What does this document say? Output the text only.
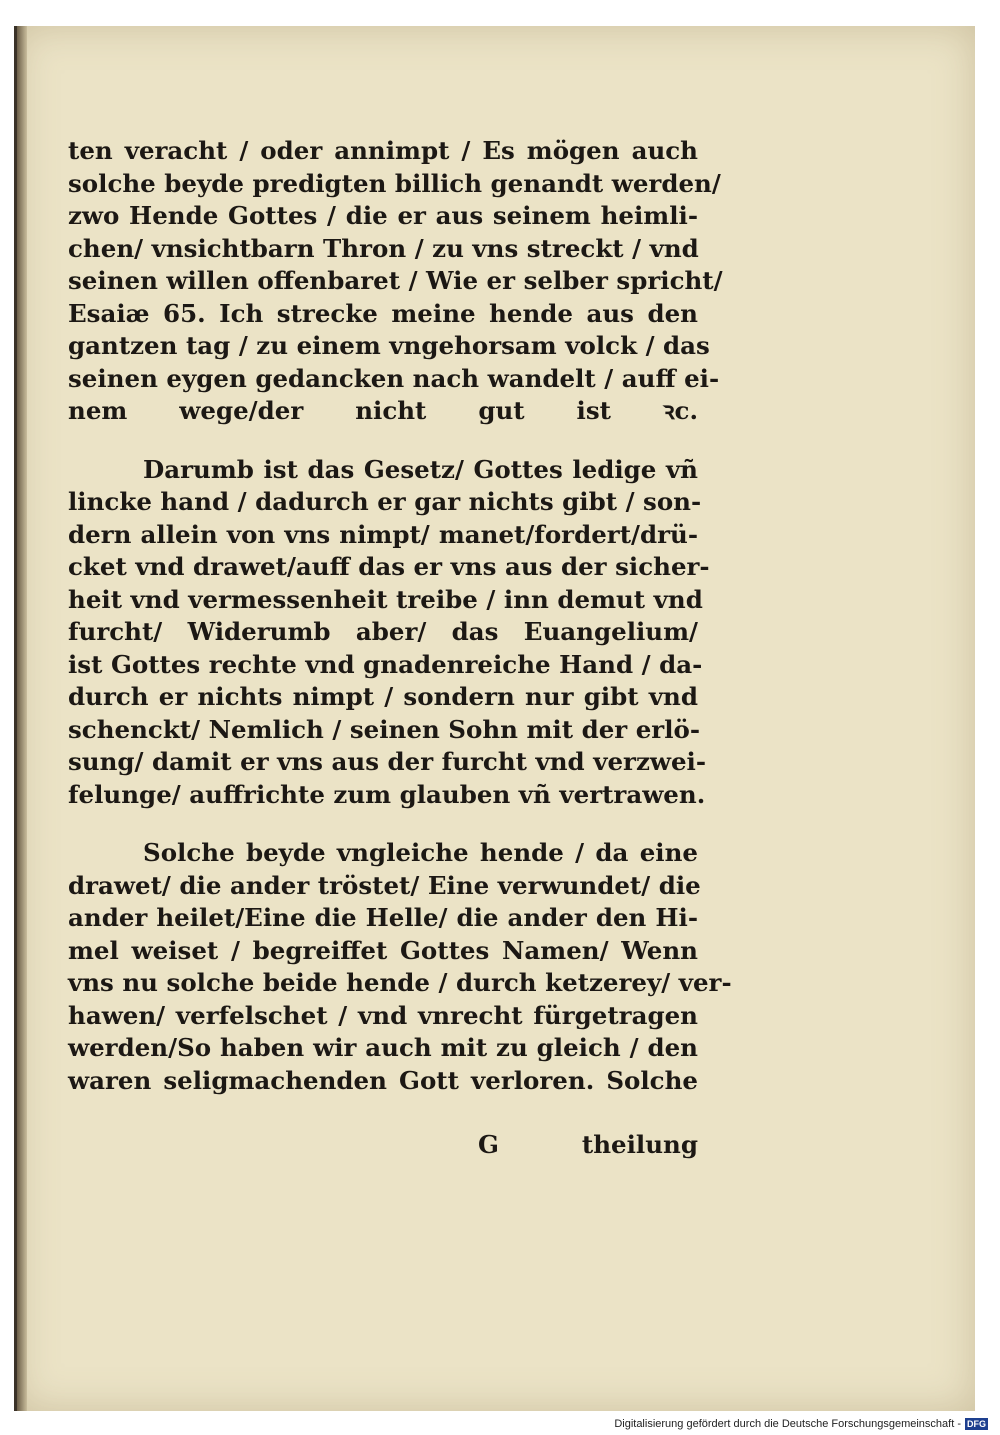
ten veracht / oder annimpt / Es mögen auch
solche beyde predigten billich genandt werden/
zwo Hende Gottes / die er aus seinem heimli-
chen/ vnsichtbarn Thron / zu vns streckt / vnd
seinen willen offenbaret / Wie er selber spricht/
Esaiæ 65. Ich strecke meine hende aus den
gantzen tag / zu einem vngehorsam volck / das
seinen eygen gedancken nach wandelt / auff ei-
nem wege/der nicht gut ist ꝛc.
Darumb ist das Gesetz/ Gottes ledige vñ
lincke hand / dadurch er gar nichts gibt / son-
dern allein von vns nimpt/ manet/fordert/drü-
cket vnd drawet/auff das er vns aus der sicher-
heit vnd vermessenheit treibe / inn demut vnd
furcht/ Widerumb aber/ das Euangelium/
ist Gottes rechte vnd gnadenreiche Hand / da-
durch er nichts nimpt / sondern nur gibt vnd
schenckt/ Nemlich / seinen Sohn mit der erlö-
sung/ damit er vns aus der furcht vnd verzwei-
felunge/ auffrichte zum glauben vñ vertrawen.
Solche beyde vngleiche hende / da eine
drawet/ die ander tröstet/ Eine verwundet/ die
ander heilet/Eine die Helle/ die ander den Hi-
mel weiset / begreiffet Gottes Namen/ Wenn
vns nu solche beide hende / durch ketzerey/ ver-
hawen/ verfelschet / vnd vnrecht fürgetragen
werden/So haben wir auch mit zu gleich / den
waren seligmachenden Gott verloren. Solche
G	theilung
Digitalisierung gefördert durch die Deutsche Forschungsgemeinschaft - DFG
